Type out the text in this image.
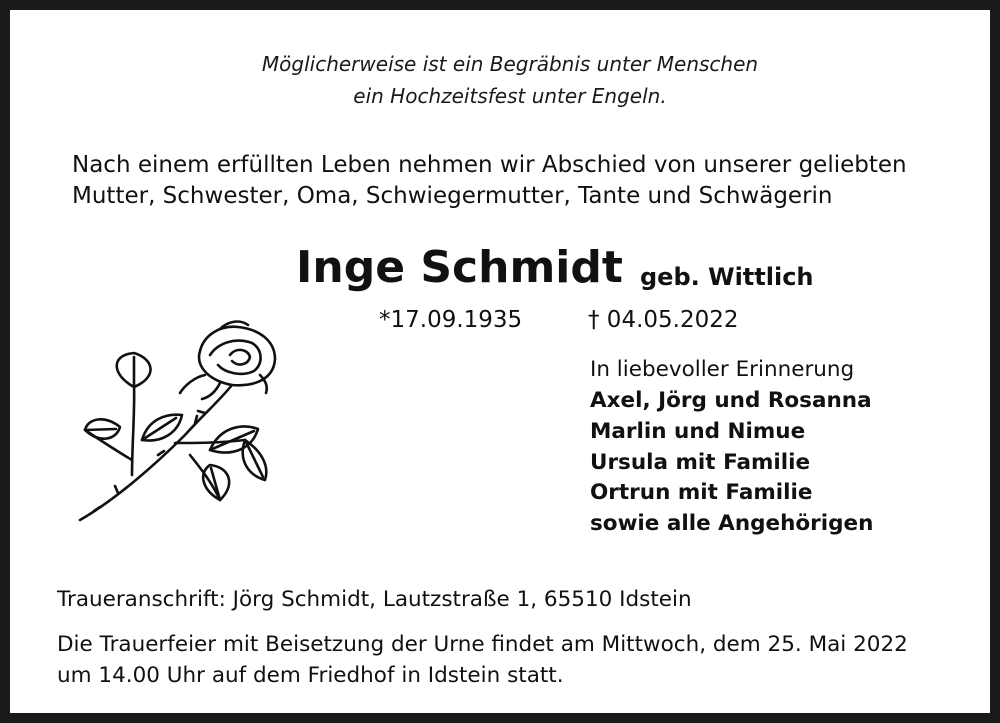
Möglicherweise ist ein Begräbnis unter Menschen
ein Hochzeitsfest unter Engeln.
Nach einem erfüllten Leben nehmen wir Abschied von unserer geliebten
Mutter, Schwester, Oma, Schwiegermutter, Tante und Schwägerin
Inge Schmidt geb. Wittlich
*17.09.1935	† 04.05.2022
In liebevoller Erinnerung
Axel, Jörg und Rosanna
Marlin und Nimue
Ursula mit Familie
Ortrun mit Familie
sowie alle Angehörigen
Traueranschrift: Jörg Schmidt, Lautzstraße 1, 65510 Idstein
Die Trauerfeier mit Beisetzung der Urne findet am Mittwoch, dem 25. Mai 2022
um 14.00 Uhr auf dem Friedhof in Idstein statt.
